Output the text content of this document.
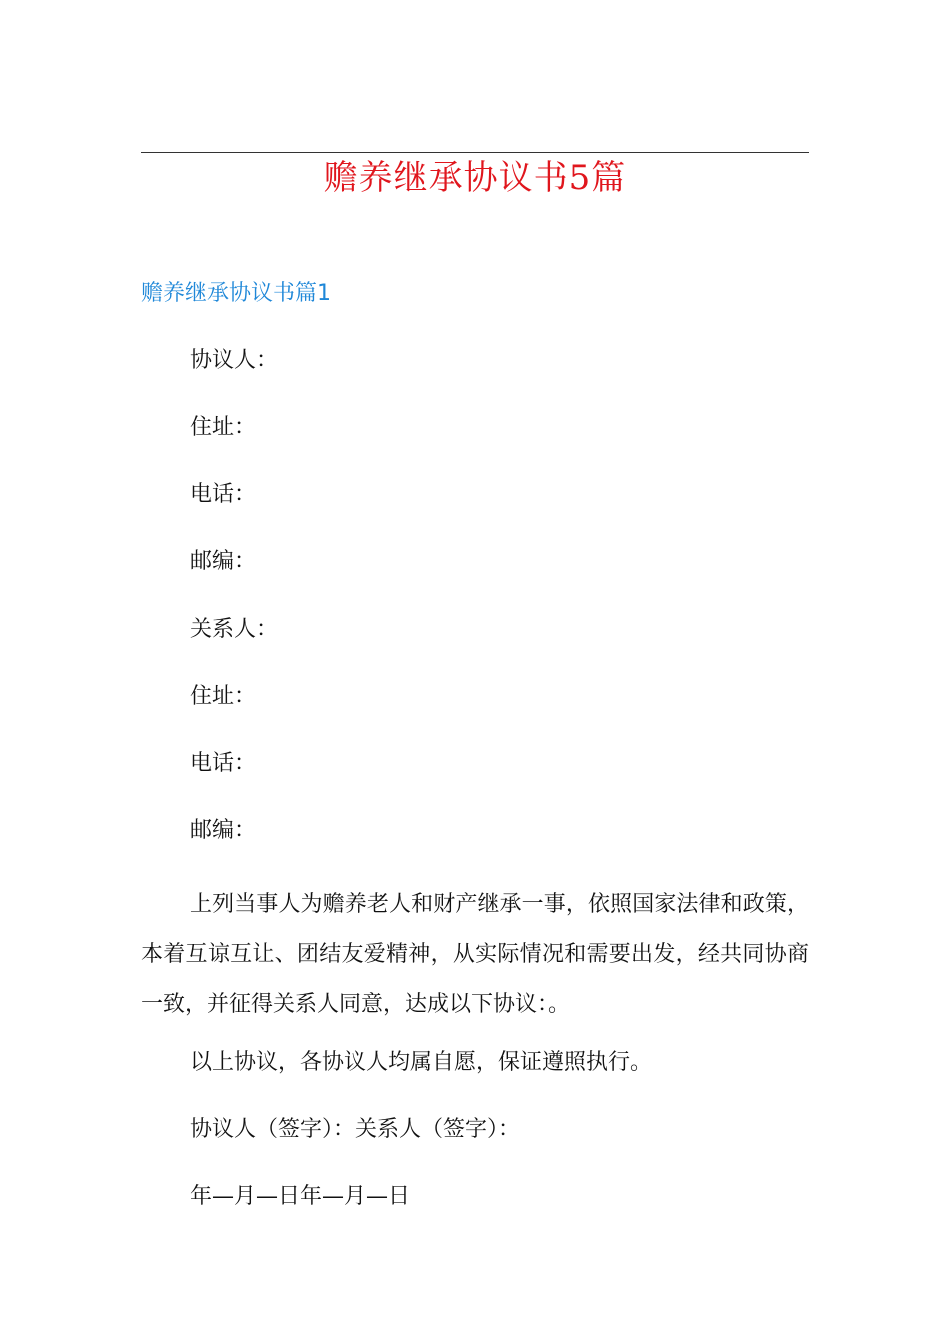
赡养继承协议书5篇
赡养继承协议书篇1
协议人：
住址：
电话：
邮编：
关系人：
住址：
电话：
邮编：
上列当事人为赡养老人和财产继承一事，依照国家法律和政策，本着互谅互让、团结友爱精神，从实际情况和需要出发，经共同协商一致，并征得关系人同意，达成以下协议：。
以上协议，各协议人均属自愿，保证遵照执行。
协议人（签字）：关系人（签字）：
年—月—日年—月—日
